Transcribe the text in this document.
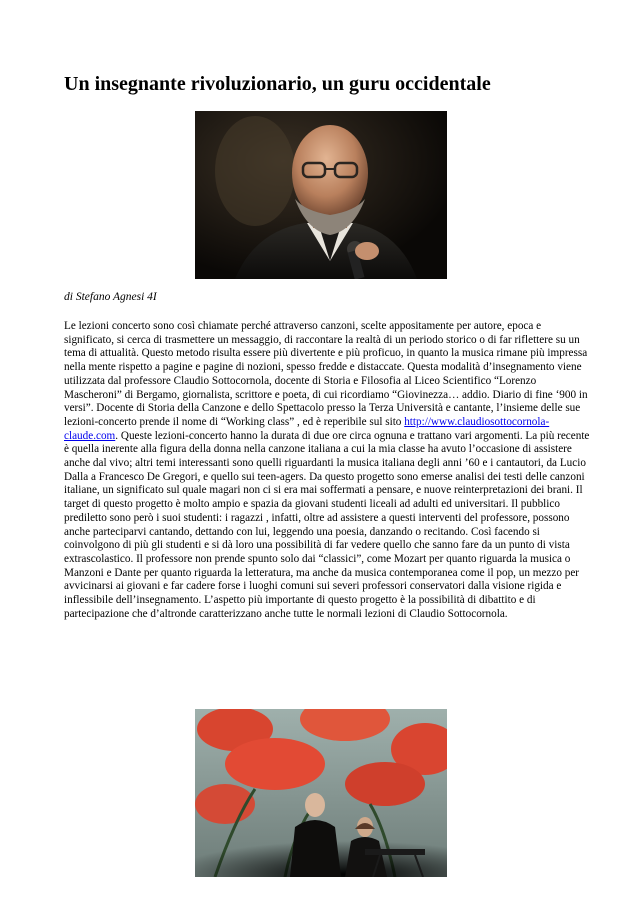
Un insegnante rivoluzionario, un guru occidentale

di Stefano Agnesi 4I

Le lezioni concerto sono così chiamate perché attraverso canzoni, scelte appositamente per autore, epoca e significato, si cerca di trasmettere un messaggio, di raccontare la realtà di un periodo storico o di far riflettere su un tema di attualità. Questo metodo risulta essere più divertente e più proficuo, in quanto la musica rimane più impressa nella mente rispetto a pagine e pagine di nozioni, spesso fredde e distaccate. Questa modalità d’insegnamento viene utilizzata dal professore Claudio Sottocornola, docente di Storia e Filosofia al Liceo Scientifico “Lorenzo Mascheroni” di Bergamo, giornalista, scrittore e poeta, di cui ricordiamo “Giovinezza… addio. Diario di fine ‘900 in versi”. Docente di Storia della Canzone e dello Spettacolo presso la Terza Università e cantante, l’insieme delle sue lezioni-concerto prende il nome di “Working class” , ed è reperibile sul sito http://www.claudiosottocornola-claude.com. Queste lezioni-concerto hanno la durata di due ore circa ognuna e trattano vari argomenti. La più recente è quella inerente alla figura della donna nella canzone italiana a cui la mia classe ha avuto l’occasione di assistere anche dal vivo; altri temi interessanti sono quelli riguardanti la musica italiana degli anni ’60 e i cantautori, da Lucio Dalla a Francesco De Gregori, e quello sui teen-agers. Da questo progetto sono emerse analisi dei testi delle canzoni italiane, un significato sul quale magari non ci si era mai soffermati a pensare, e nuove reinterpretazioni dei brani. Il target di questo progetto è molto ampio e spazia da giovani studenti liceali ad adulti ed universitari. Il pubblico prediletto sono però i suoi studenti: i ragazzi , infatti, oltre ad assistere a questi interventi del professore, possono anche parteciparvi cantando, dettando con lui, leggendo una poesia, danzando o recitando. Così facendo si coinvolgono di più gli studenti e si dà loro una possibilità di far vedere quello che sanno fare da un punto di vista extrascolastico. Il professore non prende spunto solo dai “classici”, come Mozart per quanto riguarda la musica o Manzoni e Dante per quanto riguarda la letteratura, ma anche da musica contemporanea come il pop, un mezzo per avvicinarsi ai giovani e far cadere forse i luoghi comuni sui severi professori conservatori dalla visione rigida e inflessibile dell’insegnamento. L’aspetto più importante di questo progetto è la possibilità di dibattito e di partecipazione che d’altronde caratterizzano anche tutte le normali lezioni di Claudio Sottocornola.
